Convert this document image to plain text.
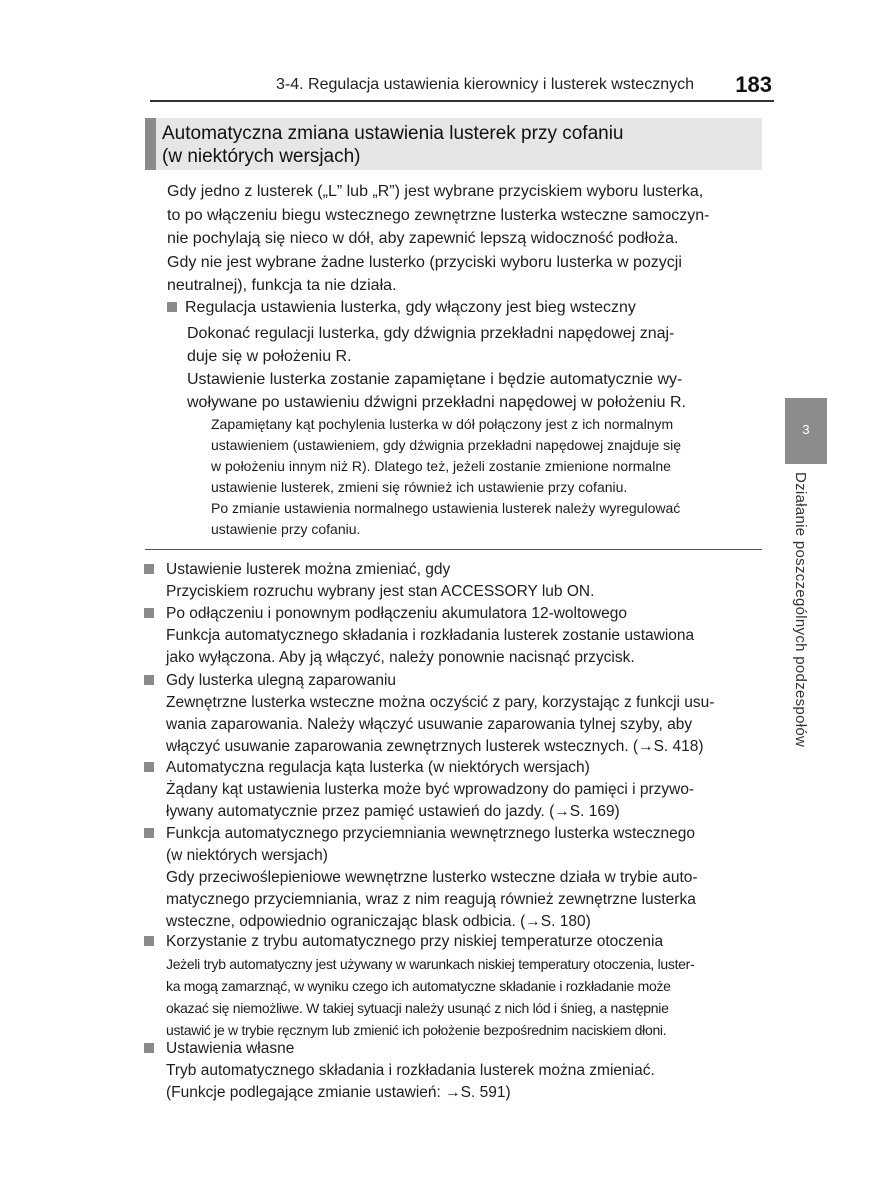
3-4. Regulacja ustawienia kierownicy i lusterek wstecznych 183
Automatyczna zmiana ustawienia lusterek przy cofaniu
(w niektórych wersjach)
3
Działanie poszczególnych podzespołów
Gdy jedno z lusterek („L” lub „R”) jest wybrane przyciskiem wyboru lusterka,
to po włączeniu biegu wstecznego zewnętrzne lusterka wsteczne samoczyn-
nie pochylają się nieco w dół, aby zapewnić lepszą widoczność podłoża.
Gdy nie jest wybrane żadne lusterko (przyciski wyboru lusterka w pozycji
neutralnej), funkcja ta nie działa.
Regulacja ustawienia lusterka, gdy włączony jest bieg wsteczny
Dokonać regulacji lusterka, gdy dźwignia przekładni napędowej znaj-
duje się w położeniu R.
Ustawienie lusterka zostanie zapamiętane i będzie automatycznie wy-
woływane po ustawieniu dźwigni przekładni napędowej w położeniu R.
Zapamiętany kąt pochylenia lusterka w dół połączony jest z ich normalnym
ustawieniem (ustawieniem, gdy dźwignia przekładni napędowej znajduje się
w położeniu innym niż R). Dlatego też, jeżeli zostanie zmienione normalne
ustawienie lusterek, zmieni się również ich ustawienie przy cofaniu.
Po zmianie ustawienia normalnego ustawienia lusterek należy wyregulować
ustawienie przy cofaniu.
Ustawienie lusterek można zmieniać, gdy
Przyciskiem rozruchu wybrany jest stan ACCESSORY lub ON.
Po odłączeniu i ponownym podłączeniu akumulatora 12-woltowego
Funkcja automatycznego składania i rozkładania lusterek zostanie ustawiona
jako wyłączona. Aby ją włączyć, należy ponownie nacisnąć przycisk.
Gdy lusterka ulegną zaparowaniu
Zewnętrzne lusterka wsteczne można oczyścić z pary, korzystając z funkcji usu-
wania zaparowania. Należy włączyć usuwanie zaparowania tylnej szyby, aby
włączyć usuwanie zaparowania zewnętrznych lusterek wstecznych. (→S. 418)
Automatyczna regulacja kąta lusterka (w niektórych wersjach)
Żądany kąt ustawienia lusterka może być wprowadzony do pamięci i przywo-
ływany automatycznie przez pamięć ustawień do jazdy. (→S. 169)
Funkcja automatycznego przyciemniania wewnętrznego lusterka wstecznego
(w niektórych wersjach)
Gdy przeciwoślepieniowe wewnętrzne lusterko wsteczne działa w trybie auto-
matycznego przyciemniania, wraz z nim reagują również zewnętrzne lusterka
wsteczne, odpowiednio ograniczając blask odbicia. (→S. 180)
Korzystanie z trybu automatycznego przy niskiej temperaturze otoczenia
Jeżeli tryb automatyczny jest używany w warunkach niskiej temperatury otoczenia, luster-
ka mogą zamarznąć, w wyniku czego ich automatyczne składanie i rozkładanie może
okazać się niemożliwe. W takiej sytuacji należy usunąć z nich lód i śnieg, a następnie
ustawić je w trybie ręcznym lub zmienić ich położenie bezpośrednim naciskiem dłoni.
Ustawienia własne
Tryb automatycznego składania i rozkładania lusterek można zmieniać.
(Funkcje podlegające zmianie ustawień: →S. 591)
